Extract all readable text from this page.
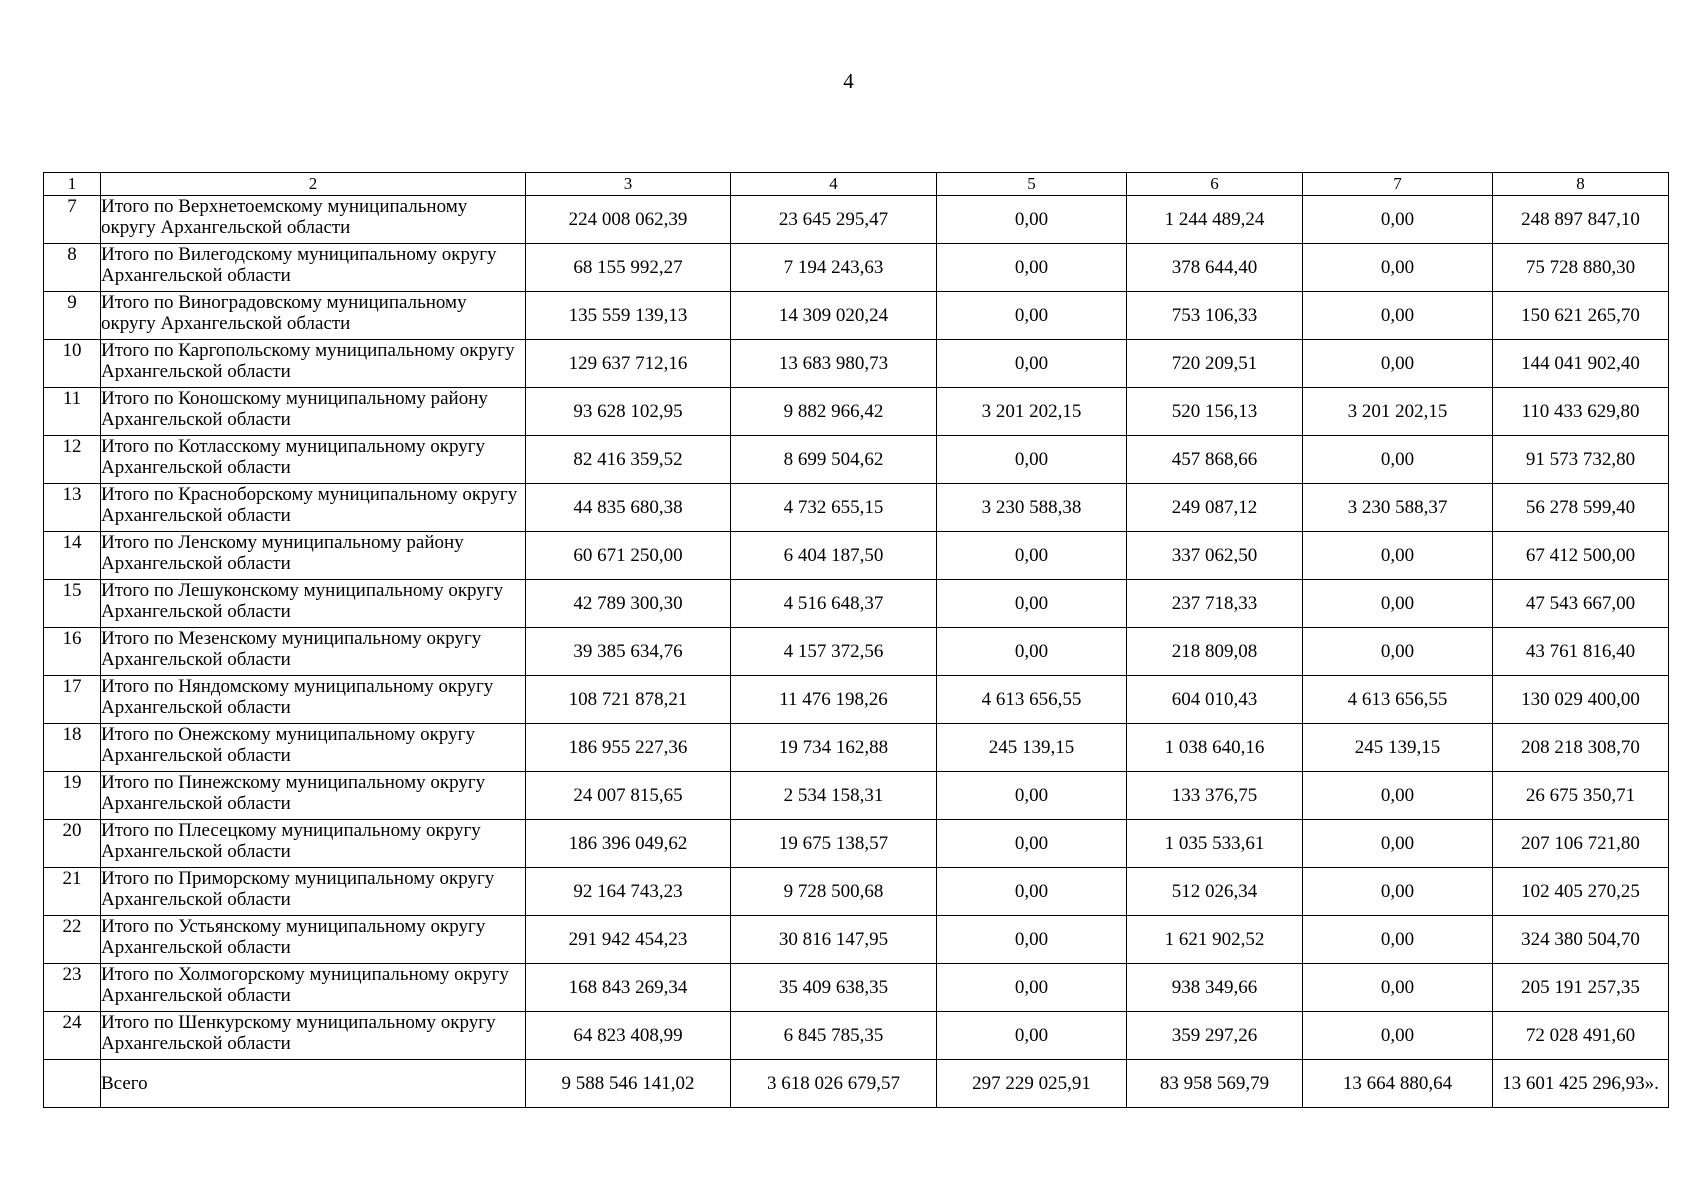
4
1	2	3	4	5	6	7	8
7	Итого по Верхнетоемскому муниципальному округу Архангельской области	224 008 062,39	23 645 295,47	0,00	1 244 489,24	0,00	248 897 847,10
8	Итого по Вилегодскому муниципальному округу Архангельской области	68 155 992,27	7 194 243,63	0,00	378 644,40	0,00	75 728 880,30
9	Итого по Виноградовскому муниципальному округу Архангельской области	135 559 139,13	14 309 020,24	0,00	753 106,33	0,00	150 621 265,70
10	Итого по Каргопольскому муниципальному округу Архангельской области	129 637 712,16	13 683 980,73	0,00	720 209,51	0,00	144 041 902,40
11	Итого по Коношскому муниципальному району Архангельской области	93 628 102,95	9 882 966,42	3 201 202,15	520 156,13	3 201 202,15	110 433 629,80
12	Итого по Котласскому муниципальному округу Архангельской области	82 416 359,52	8 699 504,62	0,00	457 868,66	0,00	91 573 732,80
13	Итого по Красноборскому муниципальному округу Архангельской области	44 835 680,38	4 732 655,15	3 230 588,38	249 087,12	3 230 588,37	56 278 599,40
14	Итого по Ленскому муниципальному району Архангельской области	60 671 250,00	6 404 187,50	0,00	337 062,50	0,00	67 412 500,00
15	Итого по Лешуконскому муниципальному округу Архангельской области	42 789 300,30	4 516 648,37	0,00	237 718,33	0,00	47 543 667,00
16	Итого по Мезенскому муниципальному округу Архангельской области	39 385 634,76	4 157 372,56	0,00	218 809,08	0,00	43 761 816,40
17	Итого по Няндомскому муниципальному округу Архангельской области	108 721 878,21	11 476 198,26	4 613 656,55	604 010,43	4 613 656,55	130 029 400,00
18	Итого по Онежскому муниципальному округу Архангельской области	186 955 227,36	19 734 162,88	245 139,15	1 038 640,16	245 139,15	208 218 308,70
19	Итого по Пинежскому муниципальному округу Архангельской области	24 007 815,65	2 534 158,31	0,00	133 376,75	0,00	26 675 350,71
20	Итого по Плесецкому муниципальному округу Архангельской области	186 396 049,62	19 675 138,57	0,00	1 035 533,61	0,00	207 106 721,80
21	Итого по Приморскому муниципальному округу Архангельской области	92 164 743,23	9 728 500,68	0,00	512 026,34	0,00	102 405 270,25
22	Итого по Устьянскому муниципальному округу Архангельской области	291 942 454,23	30 816 147,95	0,00	1 621 902,52	0,00	324 380 504,70
23	Итого по Холмогорскому муниципальному округу Архангельской области	168 843 269,34	35 409 638,35	0,00	938 349,66	0,00	205 191 257,35
24	Итого по Шенкурскому муниципальному округу Архангельской области	64 823 408,99	6 845 785,35	0,00	359 297,26	0,00	72 028 491,60
	Всего	9 588 546 141,02	3 618 026 679,57	297 229 025,91	83 958 569,79	13 664 880,64	13 601 425 296,93».
